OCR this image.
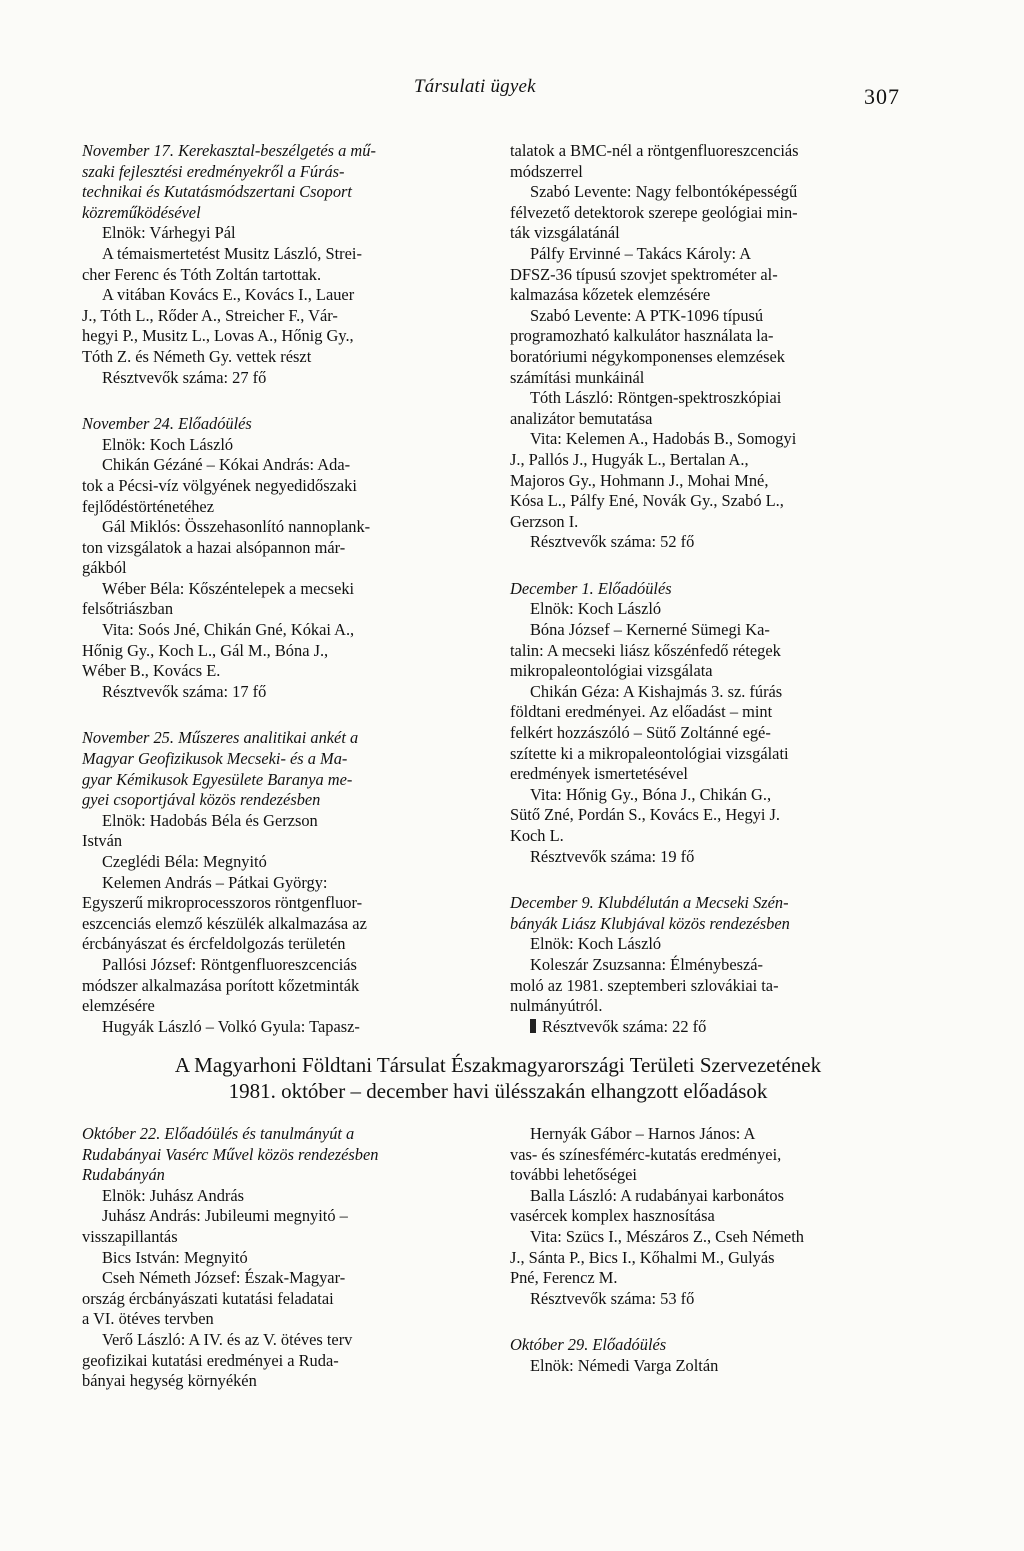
Társulati ügyek	307
November 17. Kerekasztal-beszélgetés a mű-
szaki fejlesztési eredményekről a Fúrás-
technikai és Kutatásmódszertani Csoport
közreműködésével
Elnök: Várhegyi Pál
A témaismertetést Musitz László, Strei-
cher Ferenc és Tóth Zoltán tartottak.
A vitában Kovács E., Kovács I., Lauer
J., Tóth L., Rőder A., Streicher F., Vár-
hegyi P., Musitz L., Lovas A., Hőnig Gy.,
Tóth Z. és Németh Gy. vettek részt
Résztvevők száma: 27 fő
November 24. Előadóülés
Elnök: Koch László
Chikán Gézáné – Kókai András: Ada-
tok a Pécsi-víz völgyének negyedidőszaki
fejlődéstörténetéhez
Gál Miklós: Összehasonlító nannoplank-
ton vizsgálatok a hazai alsópannon már-
gákból
Wéber Béla: Kőszéntelepek a mecseki
felsőtriászban
Vita: Soós Jné, Chikán Gné, Kókai A.,
Hőnig Gy., Koch L., Gál M., Bóna J.,
Wéber B., Kovács E.
Résztvevők száma: 17 fő
November 25. Műszeres analitikai ankét a
Magyar Geofizikusok Mecseki- és a Ma-
gyar Kémikusok Egyesülete Baranya me-
gyei csoportjával közös rendezésben
Elnök: Hadobás Béla és Gerzson
István
Czeglédi Béla: Megnyitó
Kelemen András – Pátkai György:
Egyszerű mikroprocesszoros röntgenfluor-
eszcenciás elemző készülék alkalmazása az
ércbányászat és ércfeldolgozás területén
Pallósi József: Röntgenfluoreszcenciás
módszer alkalmazása porított kőzetminták
elemzésére
Hugyák László – Volkó Gyula: Tapasz-
talatok a BMC-nél a röntgenfluoreszcenciás
módszerrel
Szabó Levente: Nagy felbontóképességű
félvezető detektorok szerepe geológiai min-
ták vizsgálatánál
Pálfy Ervinné – Takács Károly: A
DFSZ-36 típusú szovjet spektrométer al-
kalmazása kőzetek elemzésére
Szabó Levente: A PTK-1096 típusú
programozható kalkulátor használata la-
boratóriumi négykomponenses elemzések
számítási munkáinál
Tóth László: Röntgen-spektroszkópiai
analizátor bemutatása
Vita: Kelemen A., Hadobás B., Somogyi
J., Pallós J., Hugyák L., Bertalan A.,
Majoros Gy., Hohmann J., Mohai Mné,
Kósa L., Pálfy Ené, Novák Gy., Szabó L.,
Gerzson I.
Résztvevők száma: 52 fő
December 1. Előadóülés
Elnök: Koch László
Bóna József – Kernerné Sümegi Ka-
talin: A mecseki liász kőszénfedő rétegek
mikropaleontológiai vizsgálata
Chikán Géza: A Kishajmás 3. sz. fúrás
földtani eredményei. Az előadást – mint
felkért hozzászóló – Sütő Zoltánné egé-
szítette ki a mikropaleontológiai vizsgálati
eredmények ismertetésével
Vita: Hőnig Gy., Bóna J., Chikán G.,
Sütő Zné, Pordán S., Kovács E., Hegyi J.
Koch L.
Résztvevők száma: 19 fő
December 9. Klubdélután a Mecseki Szén-
bányák Liász Klubjával közös rendezésben
Elnök: Koch László
Koleszár Zsuzsanna: Élménybeszá-
moló az 1981. szeptemberi szlovákiai ta-
nulmányútról.
Résztvevők száma: 22 fő
A Magyarhoni Földtani Társulat Északmagyarországi Területi Szervezetének
1981. október – december havi ülésszakán elhangzott előadások
Október 22. Előadóülés és tanulmányút a
Rudabányai Vasérc Művel közös rendezésben
Rudabányán
Elnök: Juhász András
Juhász András: Jubileumi megnyitó –
visszapillantás
Bics István: Megnyitó
Cseh Németh József: Észak-Magyar-
ország ércbányászati kutatási feladatai
a VI. ötéves tervben
Verő László: A IV. és az V. ötéves terv
geofizikai kutatási eredményei a Ruda-
bányai hegység környékén
Hernyák Gábor – Harnos János: A
vas- és színesfémérc-kutatás eredményei,
további lehetőségei
Balla László: A rudabányai karbonátos
vasércek komplex hasznosítása
Vita: Szücs I., Mészáros Z., Cseh Németh
J., Sánta P., Bics I., Kőhalmi M., Gulyás
Pné, Ferencz M.
Résztvevők száma: 53 fő
Október 29. Előadóülés
Elnök: Némedi Varga Zoltán
